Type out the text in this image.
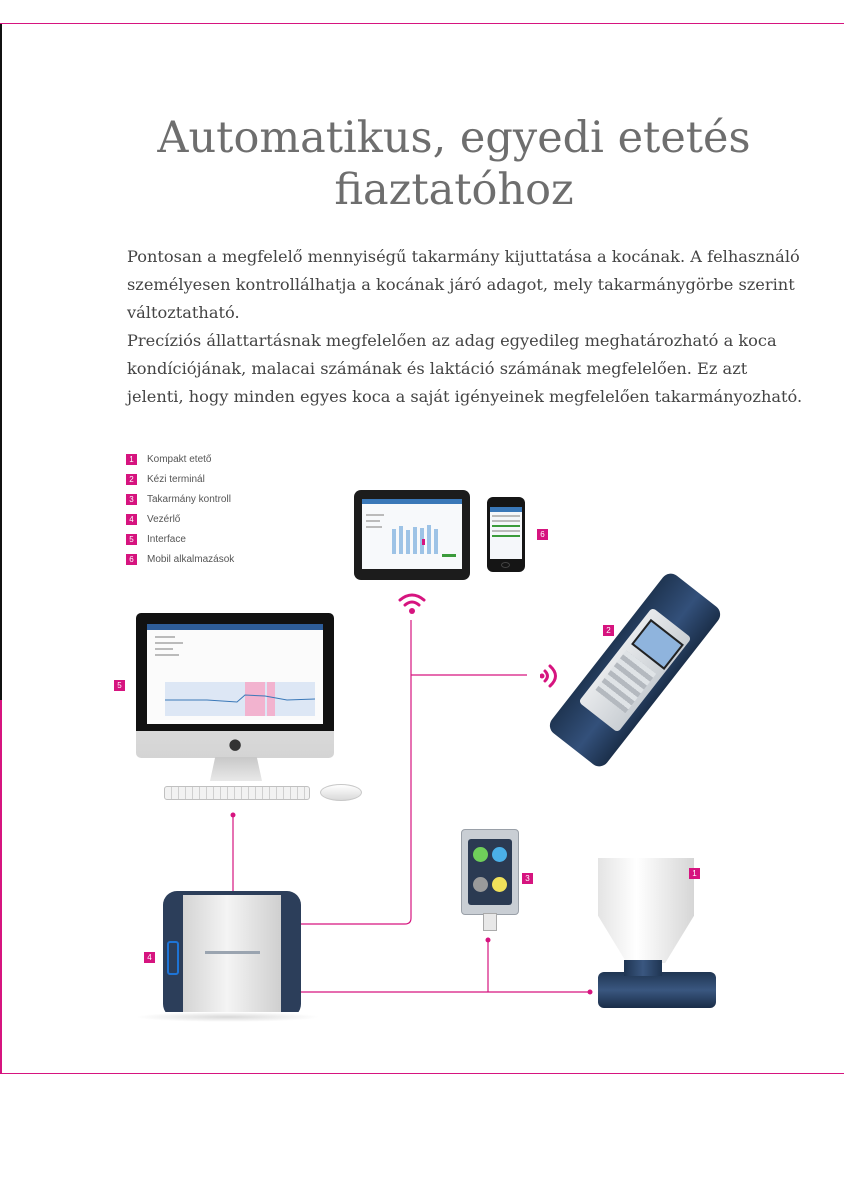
Automatikus, egyedi etetés
fiaztatóhoz

Pontosan a megfelelő mennyiségű takarmány kijuttatása a kocának. A felhasználó személyesen kontrollálhatja a kocának járó adagot, mely takarmánygörbe szerint változtatható.

Precíziós állattartásnak megfelelően az adag egyedileg meghatározható a koca kondíciójának, malacai számának és laktáció számának megfelelően. Ez azt jelenti, hogy minden egyes koca a saját igényeinek megfelelően takarmányozható.

1	Kompakt etető
2	Kézi terminál
3	Takarmány kontroll
4	Vezérlő
5	Interface
6	Mobil alkalmazások
6
2
●
5
4
3
1
